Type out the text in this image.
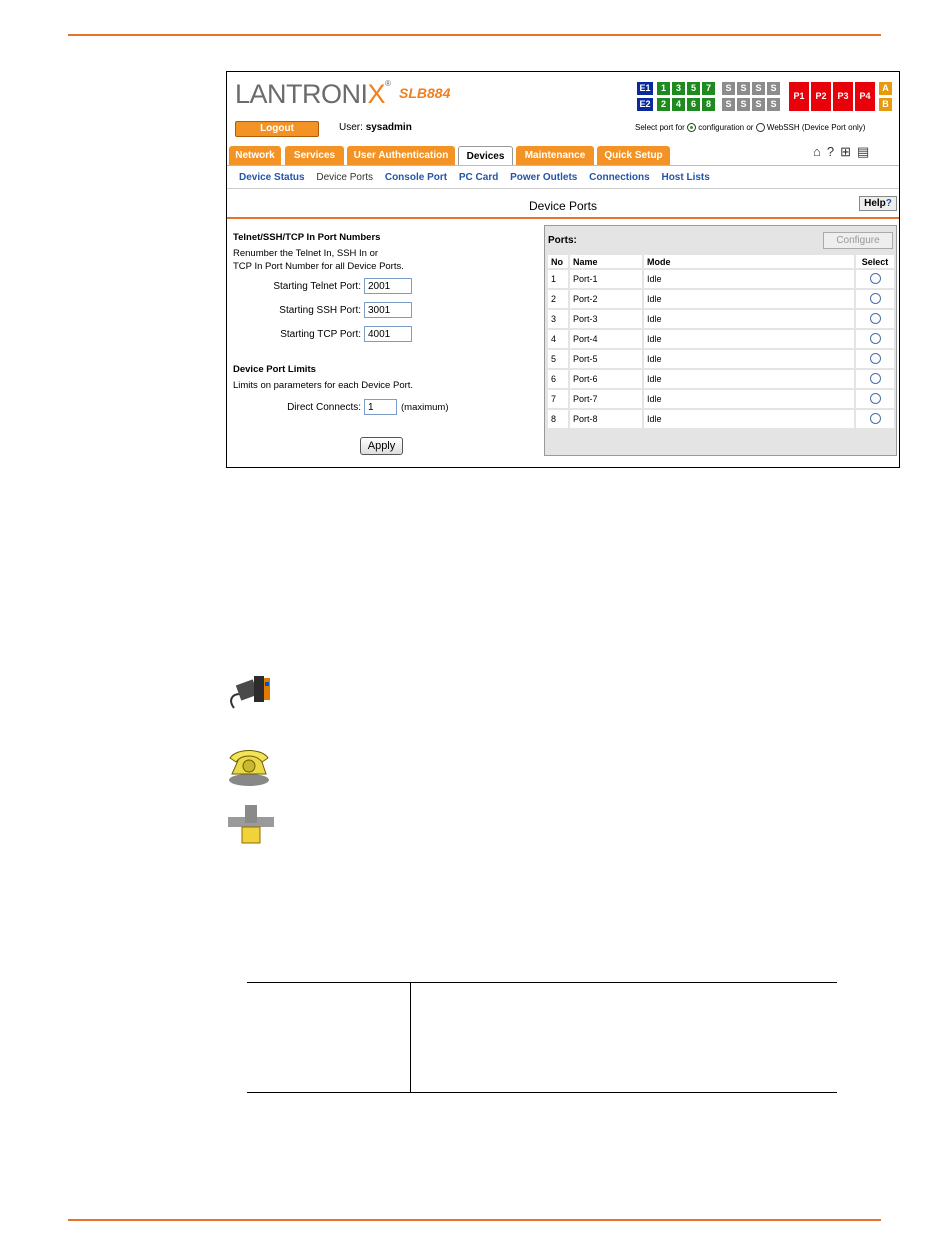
LANTRONIX®
SLB884
Logout	User: sysadmin
E1	1	3	5	7	S S S S
E2	2	4	6	8	S S S S
P1	P2	P3	P4
A
B
Select port for configuration or WebSSH (Device Port only)
Network	Services	User Authentication	Devices	Maintenance	Quick Setup	⌂ ? ⊞ ▤
Device Status Device Ports Console Port PC Card Power Outlets Connections Host Lists
Device Ports	Help?
Telnet/SSH/TCP In Port Numbers
Renumber the Telnet In, SSH In or
TCP In Port Number for all Device Ports.
Starting Telnet Port: 2001
Starting SSH Port: 3001
Starting TCP Port: 4001
Device Port Limits
Limits on parameters for each Device Port.
Direct Connects: 1	(maximum)
Apply
Ports:	Configure
No	Name	Mode	Select
1	Port-1	Idle	
2	Port-2	Idle	
3	Port-3	Idle	
4	Port-4	Idle	
5	Port-5	Idle	
6	Port-6	Idle	
7	Port-7	Idle	
8	Port-8	Idle	
